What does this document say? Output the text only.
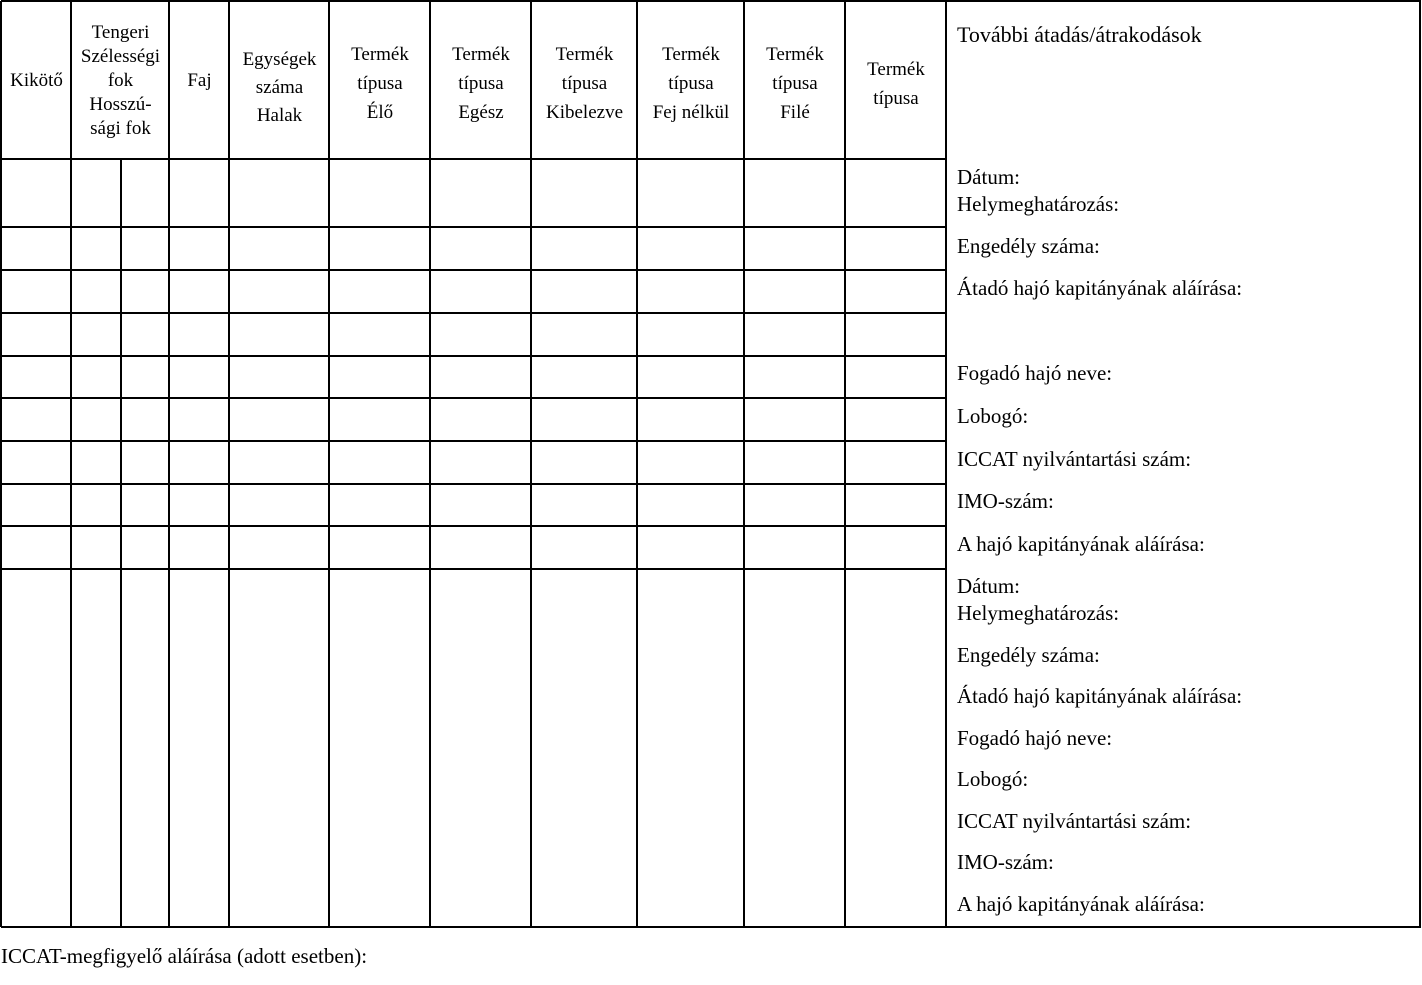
Kikötő
Tengeri
Szélességi
fok
Hosszú-
sági fok
Faj
Egységek
száma
Halak
Termék
típusa
Élő
Termék
típusa
Egész
Termék
típusa
Kibelezve
Termék
típusa
Fej nélkül
Termék
típusa
Filé
Termék
típusa
További átadás/átrakodások
Dátum:
Helymeghatározás:
Engedély száma:
Átadó hajó kapitányának aláírása:
Fogadó hajó neve:
Lobogó:
ICCAT nyilvántartási szám:
IMO-szám:
A hajó kapitányának aláírása:
Dátum:
Helymeghatározás:
Engedély száma:
Átadó hajó kapitányának aláírása:
Fogadó hajó neve:
Lobogó:
ICCAT nyilvántartási szám:
IMO-szám:
A hajó kapitányának aláírása:
ICCAT-megfigyelő aláírása (adott esetben):
